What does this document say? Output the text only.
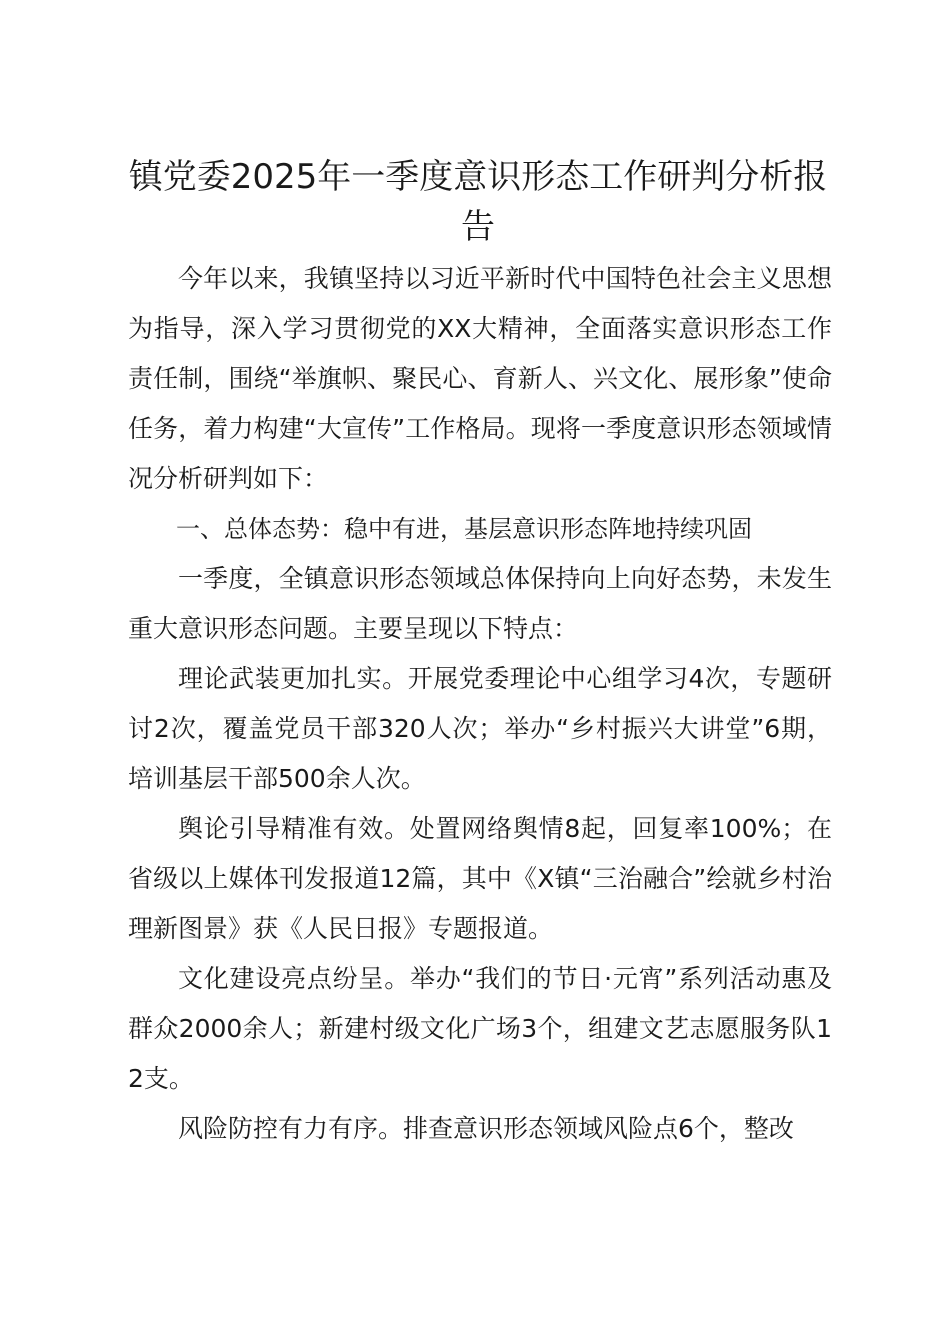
镇党委2025年一季度意识形态工作研判分析报告

今年以来，我镇坚持以习近平新时代中国特色社会主义思想为指导，深入学习贯彻党的XX大精神，全面落实意识形态工作责任制，围绕“举旗帜、聚民心、育新人、兴文化、展形象”使命任务，着力构建“大宣传”工作格局。现将一季度意识形态领域情况分析研判如下：

一、总体态势：稳中有进，基层意识形态阵地持续巩固

一季度，全镇意识形态领域总体保持向上向好态势，未发生重大意识形态问题。主要呈现以下特点：

理论武装更加扎实。开展党委理论中心组学习4次，专题研讨2次，覆盖党员干部320人次；举办“乡村振兴大讲堂”6期，培训基层干部500余人次。

舆论引导精准有效。处置网络舆情8起，回复率100%；在省级以上媒体刊发报道12篇，其中《X镇“三治融合”绘就乡村治理新图景》获《人民日报》专题报道。

文化建设亮点纷呈。举办“我们的节日·元宵”系列活动惠及群众2000余人；新建村级文化广场3个，组建文艺志愿服务队12支。

风险防控有力有序。排查意识形态领域风险点6个，整改
